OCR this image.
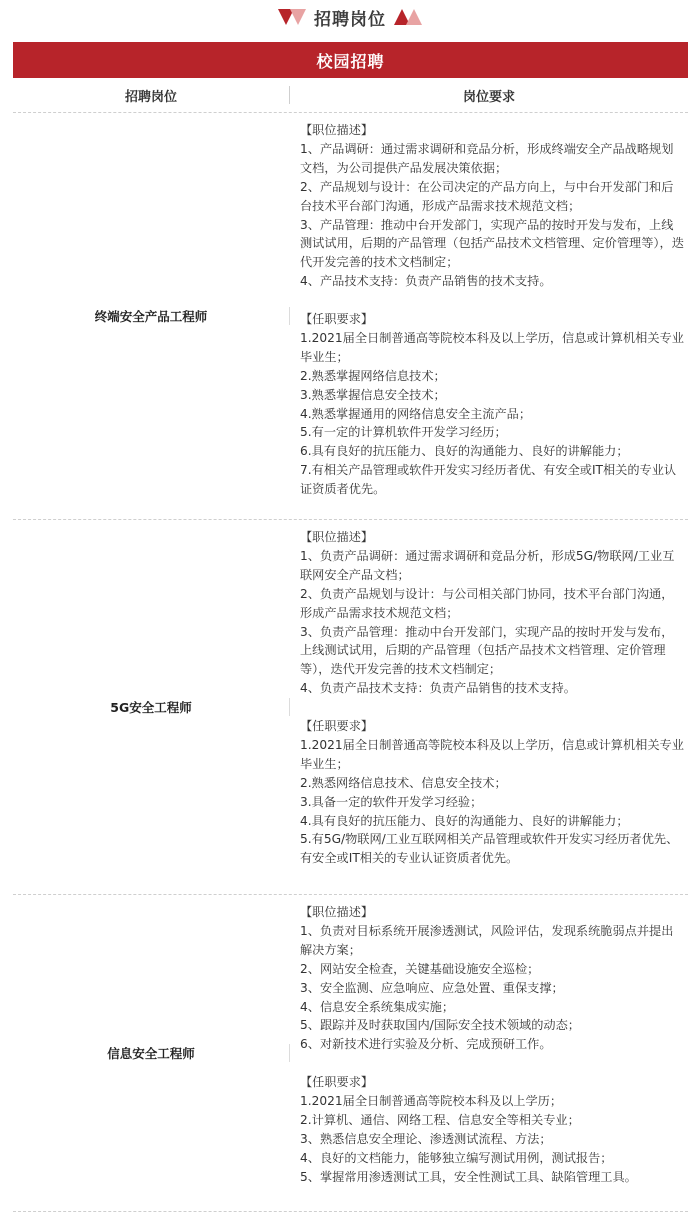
招聘岗位
校园招聘
招聘岗位	岗位要求
终端安全产品工程师
【职位描述】
1、产品调研：通过需求调研和竞品分析，形成终端安全产品战略规划文档，为公司提供产品发展决策依据；
2、产品规划与设计：在公司决定的产品方向上，与中台开发部门和后台技术平台部门沟通，形成产品需求技术规范文档；
3、产品管理：推动中台开发部门，实现产品的按时开发与发布，上线测试试用，后期的产品管理（包括产品技术文档管理、定价管理等），迭代开发完善的技术文档制定；
4、产品技术支持：负责产品销售的技术支持。
【任职要求】
1.2021届全日制普通高等院校本科及以上学历，信息或计算机相关专业毕业生；
2.熟悉掌握网络信息技术；
3.熟悉掌握信息安全技术；
4.熟悉掌握通用的网络信息安全主流产品；
5.有一定的计算机软件开发学习经历；
6.具有良好的抗压能力、良好的沟通能力、良好的讲解能力；
7.有相关产品管理或软件开发实习经历者优、有安全或IT相关的专业认证资质者优先。
5G安全工程师
【职位描述】
1、负责产品调研：通过需求调研和竞品分析，形成5G/物联网/工业互联网安全产品文档；
2、负责产品规划与设计：与公司相关部门协同，技术平台部门沟通，形成产品需求技术规范文档；
3、负责产品管理：推动中台开发部门，实现产品的按时开发与发布，上线测试试用，后期的产品管理（包括产品技术文档管理、定价管理等），迭代开发完善的技术文档制定；
4、负责产品技术支持：负责产品销售的技术支持。
【任职要求】
1.2021届全日制普通高等院校本科及以上学历，信息或计算机相关专业毕业生；
2.熟悉网络信息技术、信息安全技术；
3.具备一定的软件开发学习经验；
4.具有良好的抗压能力、良好的沟通能力、良好的讲解能力；
5.有5G/物联网/工业互联网相关产品管理或软件开发实习经历者优先、有安全或IT相关的专业认证资质者优先。
信息安全工程师
【职位描述】
1、负责对目标系统开展渗透测试，风险评估，发现系统脆弱点并提出解决方案；
2、网站安全检查，关键基础设施安全巡检；
3、安全监测、应急响应、应急处置、重保支撑；
4、信息安全系统集成实施；
5、跟踪并及时获取国内/国际安全技术领域的动态；
6、对新技术进行实验及分析、完成预研工作。
【任职要求】
1.2021届全日制普通高等院校本科及以上学历；
2.计算机、通信、网络工程、信息安全等相关专业；
3、熟悉信息安全理论、渗透测试流程、方法；
4、良好的文档能力，能够独立编写测试用例，测试报告；
5、掌握常用渗透测试工具，安全性测试工具、缺陷管理工具。
